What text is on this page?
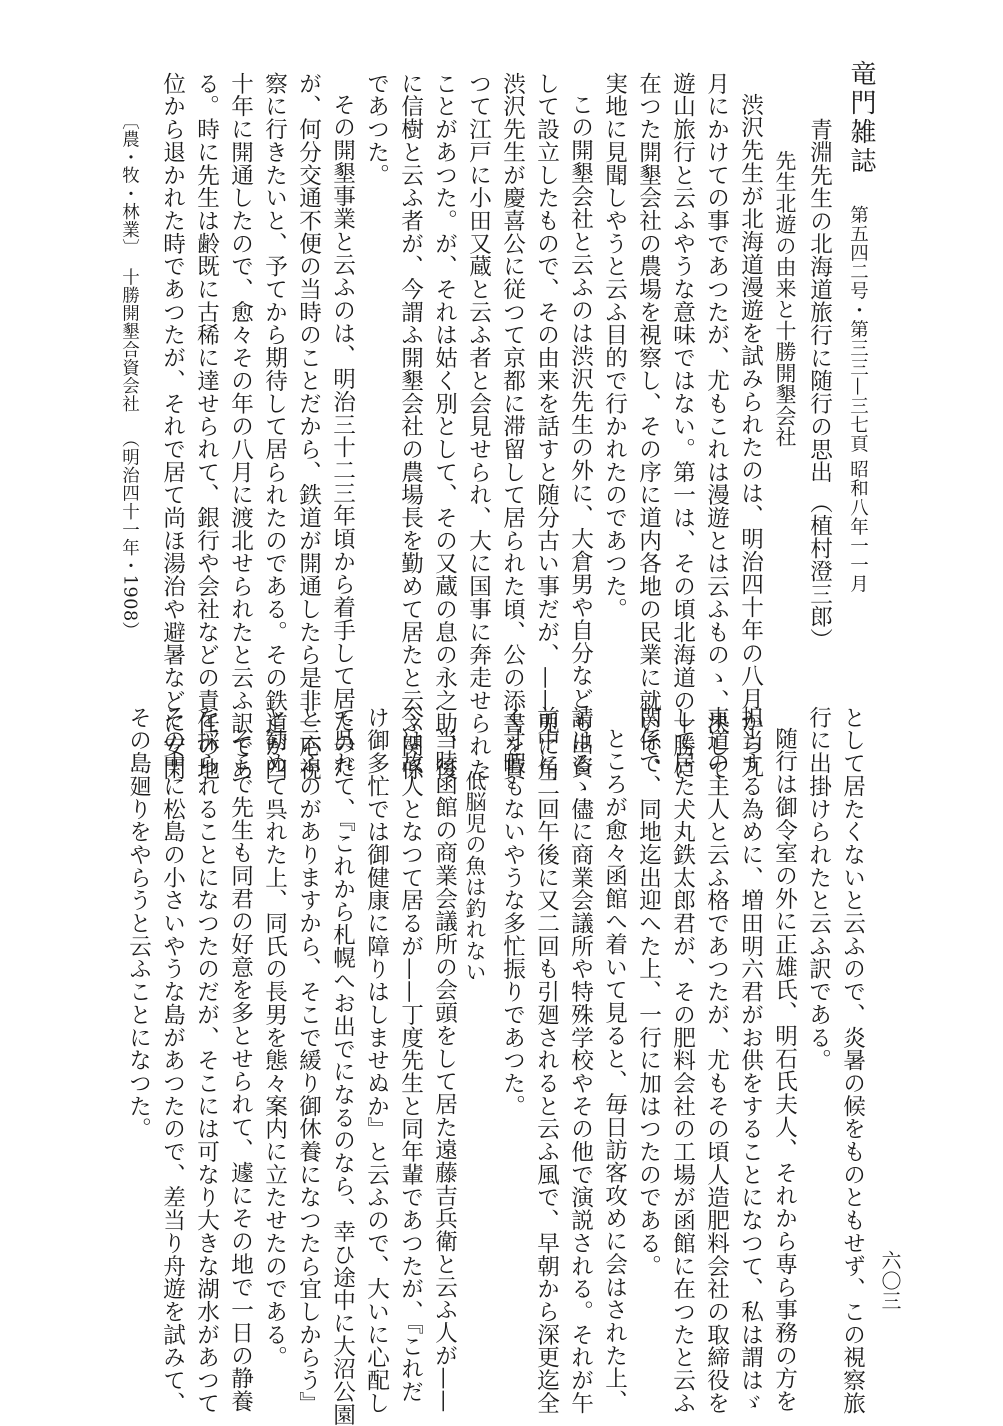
竜門雑誌
第五四二号・第三三—三七頁 昭和八年一一月
青淵先生の北海道旅行に随行の思出 （植村澄三郎）
先生北遊の由来と十勝開墾会社
渋沢先生が北海道漫遊を試みられたのは、明治四十年の八月から九
月にかけての事であつたが、尤もこれは漫遊とは云ふものゝ、決して
遊山旅行と云ふやうな意味ではない。第一は、その頃北海道の十勝に
在つた開墾会社の農場を視察し、その序に道内各地の民業に就いて、
実地に見聞しやうと云ふ目的で行かれたのであつた。
この開墾会社と云ふのは渋沢先生の外に、大倉男や自分なども出資
して設立したもので、その由来を話すと随分古い事だが、——兎に角
渋沢先生が慶喜公に従つて京都に滞留して居られた頃、公の添書を貰
つて江戸に小田又蔵と云ふ者と会見せられ、大に国事に奔走せられた
ことがあつた。が、それは姑く別として、その又蔵の息の永之助、後
に信樹と云ふ者が、今謂ふ開墾会社の農場長を勤めて居たと云ふ関係
であつた。
その開墾事業と云ふのは、明治三十二三年頃から着手して居たのだ
が、何分交通不便の当時のことだから、鉄道が開通したら是非一応視
察に行きたいと、予てから期待して居られたのである。その鉄道が四
十年に開通したので、愈々その年の八月に渡北せられたと云ふ訳であ
る。時に先生は齢既に古稀に達せられて、銀行や会社などの責任の地
位から退かれた時であつたが、それで居て尚ほ湯治や避暑などに安閑
〔農・牧・林業〕
十勝開墾合資会社
（明治四十一年・1908）
として居たくないと云ふので、炎暑の候をものともせず、この視察旅
行に出掛けられたと云ふ訳である。
随行は御令室の外に正雄氏、明石氏夫人、それから専ら事務の方を
担当する為めに、増田明六君がお供をすることになつて、私は謂はゞ
東道の主人と云ふ格であつたが、尤もその頃人造肥料会社の取締役を
して居た犬丸鉄太郎君が、その肥料会社の工場が函館に在つたと云ふ
関係で、同地迄出迎へた上、一行に加はつたのである。
ところが愈々函館へ着いて見ると、毎日訪客攻めに会はされた上、
請はるゝ儘に商業会議所や特殊学校やその他で演説される。それが午
前中に二回午後に又二回も引廻されると云ふ風で、早朝から深更迄全
く寸暇もないやうな多忙振りであつた。
低脳児の魚は釣れない
当時函館の商業会議所の会頭をして居た遠藤吉兵衛と云ふ人が——
今は故人となつて居るが——丁度先生と同年輩であつたが、『これだ
け御多忙では御健康に障りはしませぬか』と云ふので、大いに心配し
て呉れて、『これから札幌へお出でになるのなら、幸ひ途中に大沼公園
と云ふのがありますから、そこで緩り御休養になつたら宜しからう』
と勧めて呉れた上、同氏の長男を態々案内に立たせたのである。
そこで先生も同君の好意を多とせられて、遽にその地で一日の静養
を採られることになつたのだが、そこには可なり大きな湖水があつて
その中に松島の小さいやうな島があつたので、差当り舟遊を試みて、
その島廻りをやらうと云ふことになつた。
六〇三
